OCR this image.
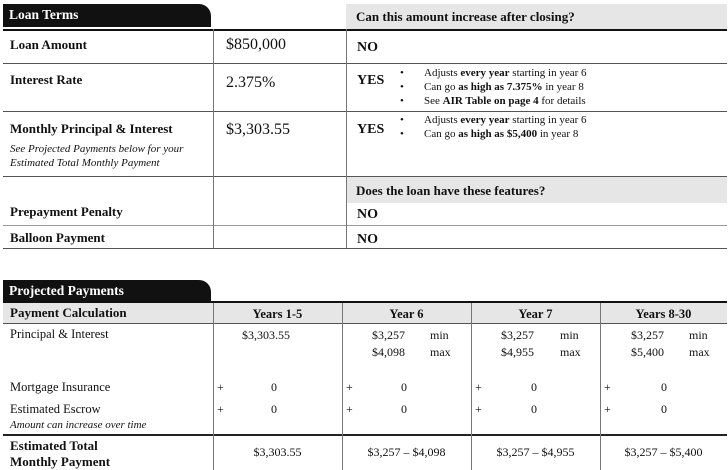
Loan Terms	Can this amount increase after closing?
Loan Amount	$850,000	NO
Interest Rate	2.375%	YES
•	Adjusts every year starting in year 6
• Can go as high as 7.375% in year 8
• See AIR Table on page 4 for details
Monthly Principal & Interest
See Projected Payments below for your
Estimated Total Monthly Payment
$3,303.55	YES
• Adjusts every year starting in year 6
• Can go as high as $5,400 in year 8
Does the loan have these features?
Prepayment Penalty	NO
Balloon Payment	NO
Projected Payments
Payment Calculation	Years 1-5	Year 6	Year 7	Years 8-30
Principal & Interest	$3,303.55	$3,257 min
$4,098 max
$3,257 min
$4,955 max
$3,257 min
$5,400 max
Mortgage Insurance	+	+	+	+
0	0	0	0
Estimated Escrow
Amount can increase over time
+	+	+	+
0	0	0	0
Estimated Total
Monthly Payment
$3,303.55	$3,257 – $4,098	$3,257 – $4,955	$3,257 – $5,400
